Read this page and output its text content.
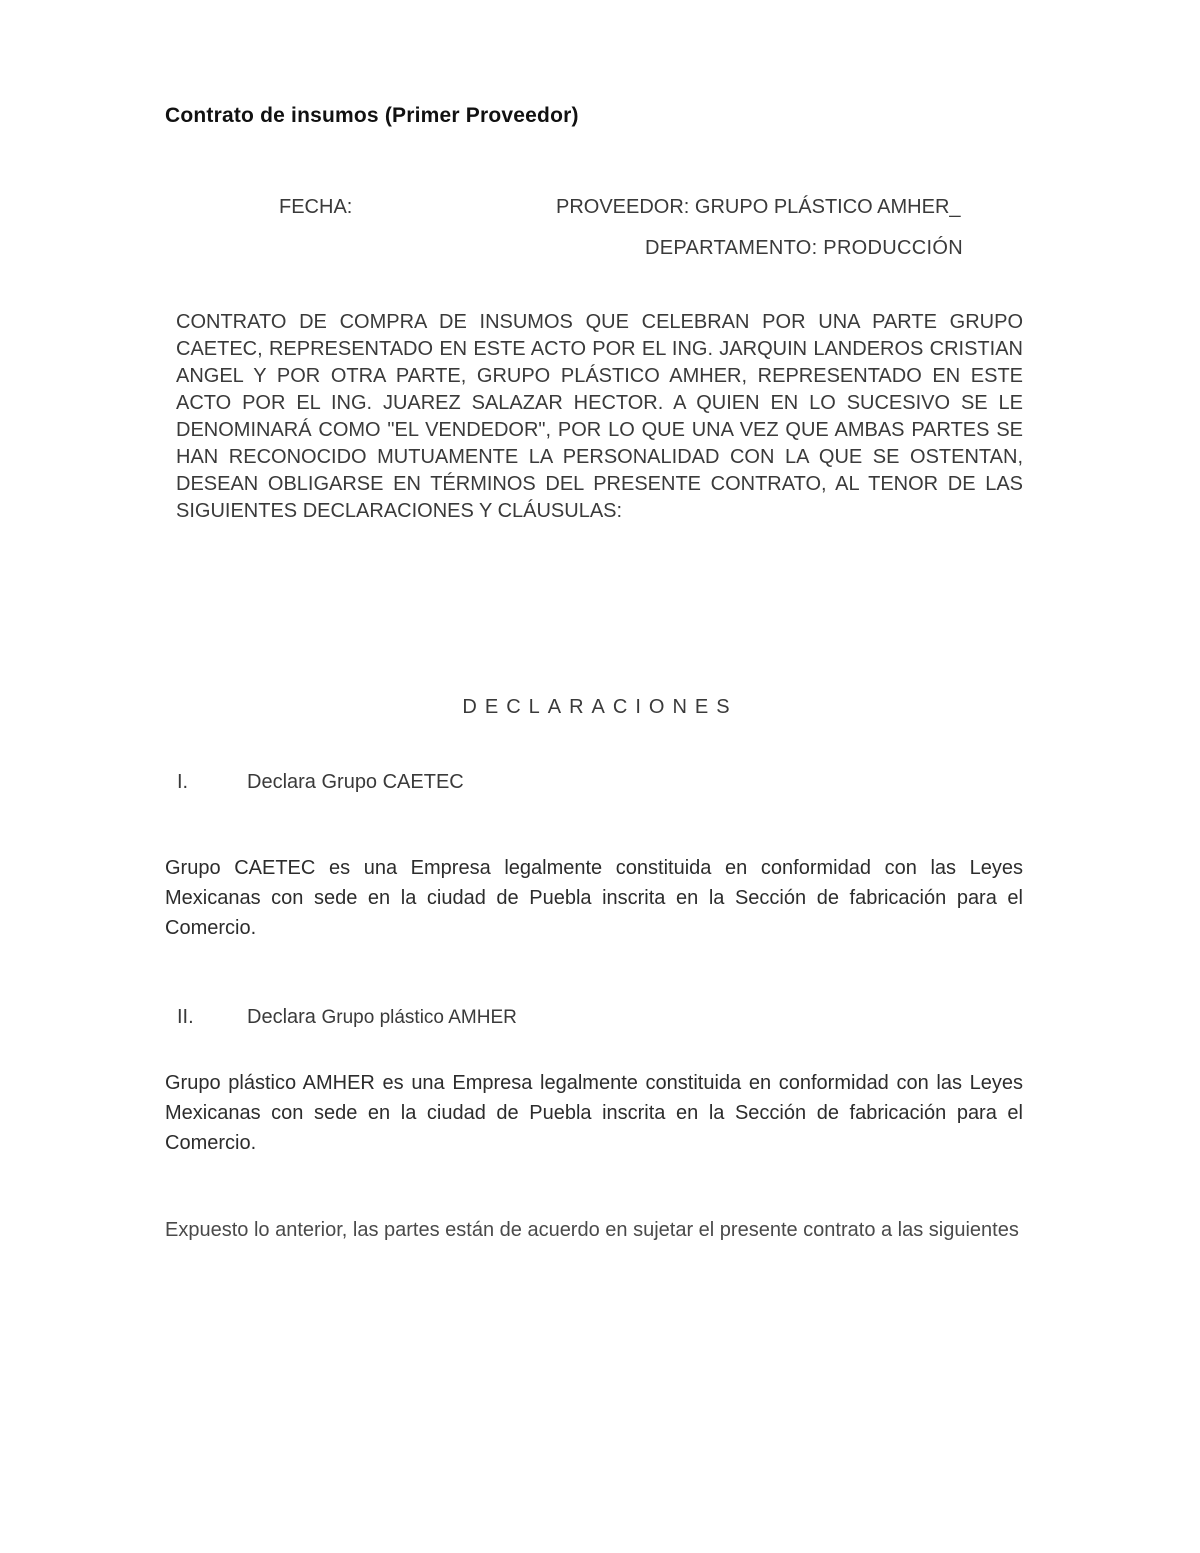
Contrato de insumos (Primer Proveedor)
FECHA:	PROVEEDOR: GRUPO PLÁSTICO AMHER_
DEPARTAMENTO: PRODUCCIÓN

CONTRATO DE COMPRA DE INSUMOS QUE CELEBRAN POR UNA PARTE GRUPO CAETEC, REPRESENTADO EN ESTE ACTO POR EL ING. JARQUIN LANDEROS CRISTIAN ANGEL Y POR OTRA PARTE, GRUPO PLÁSTICO AMHER, REPRESENTADO EN ESTE ACTO POR EL ING. JUAREZ SALAZAR HECTOR. A QUIEN EN LO SUCESIVO SE LE DENOMINARÁ COMO "EL VENDEDOR", POR LO QUE UNA VEZ QUE AMBAS PARTES SE HAN RECONOCIDO MUTUAMENTE LA PERSONALIDAD CON LA QUE SE OSTENTAN, DESEAN OBLIGARSE EN TÉRMINOS DEL PRESENTE CONTRATO, AL TENOR DE LAS SIGUIENTES DECLARACIONES Y CLÁUSULAS:

DECLARACIONES
I.	Declara Grupo CAETEC

Grupo CAETEC es una Empresa legalmente constituida en conformidad con las Leyes Mexicanas con sede en la ciudad de Puebla inscrita en la Sección de fabricación para el Comercio.

II.	Declara Grupo plástico AMHER

Grupo plástico AMHER es una Empresa legalmente constituida en conformidad con las Leyes Mexicanas con sede en la ciudad de Puebla inscrita en la Sección de fabricación para el Comercio.

Expuesto lo anterior, las partes están de acuerdo en sujetar el presente contrato a las siguientes
